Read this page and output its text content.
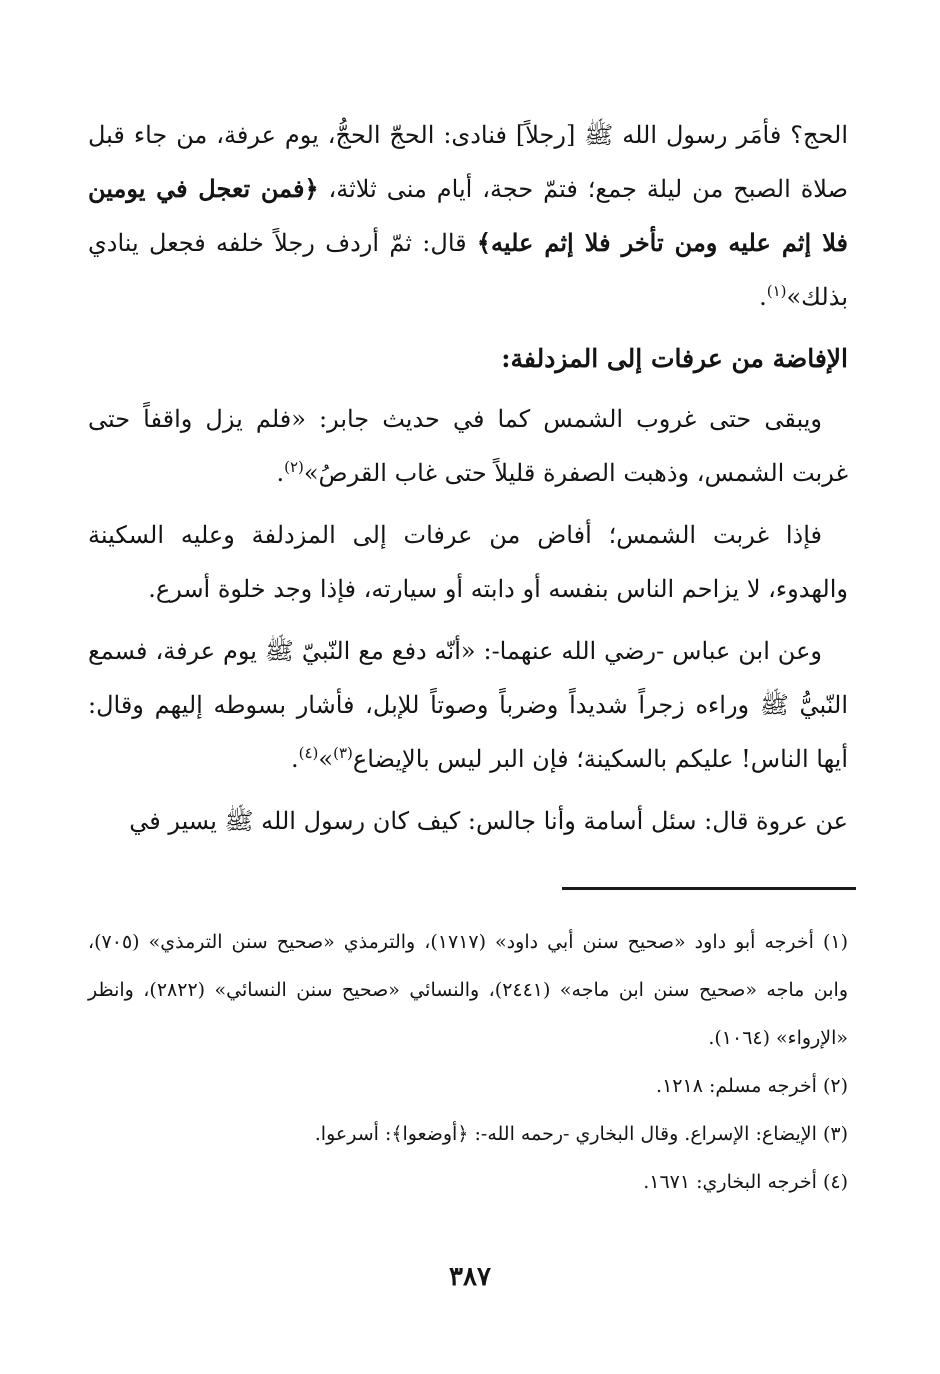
الحج؟ فأمَر رسول الله ﷺ [رجلاً] فنادى: الحجّ الحجُّ، يوم عرفة، من جاء قبل صلاة الصبح من ليلة جمع؛ فتمّ حجة، أيام منى ثلاثة، ﴿فمن تعجل في يومين فلا إثم عليه ومن تأخر فلا إثم عليه﴾ قال: ثمّ أردف رجلاً خلفه فجعل ينادي بذلك»$^{(١)}$.

الإفاضة من عرفات إلى المزدلفة:

ويبقى حتى غروب الشمس كما في حديث جابر: «فلم يزل واقفاً حتى غربت الشمس، وذهبت الصفرة قليلاً حتى غاب القرصُ»$^{(٢)}$.

فإذا غربت الشمس؛ أفاض من عرفات إلى المزدلفة وعليه السكينة والهدوء، لا يزاحم الناس بنفسه أو دابته أو سيارته، فإذا وجد خلوة أسرع.

وعن ابن عباس -رضي الله عنهما-: «أنّه دفع مع النّبيّ ﷺ يوم عرفة، فسمع النّبيُّ ﷺ وراءه زجراً شديداً وضرباً وصوتاً للإبل، فأشار بسوطه إليهم وقال: أيها الناس! عليكم بالسكينة؛ فإن البر ليس بالإيضاع$^{(٣)}$»$^{(٤)}$.

عن عروة قال: سئل أسامة وأنا جالس: كيف كان رسول الله ﷺ يسير في

(١) أخرجه أبو داود «صحيح سنن أبي داود» (١٧١٧)، والترمذي «صحيح سنن الترمذي» (٧٠٥)، وابن ماجه «صحيح سنن ابن ماجه» (٢٤٤١)، والنسائي «صحيح سنن النسائي» (٢٨٢٢)، وانظر «الإرواء» (١٠٦٤).

(٢) أخرجه مسلم: ١٢١٨.

(٣) الإيضاع: الإسراع. وقال البخاري -رحمه الله-: ﴿أوضعوا﴾: أسرعوا.

(٤) أخرجه البخاري: ١٦٧١.

٣٨٧
